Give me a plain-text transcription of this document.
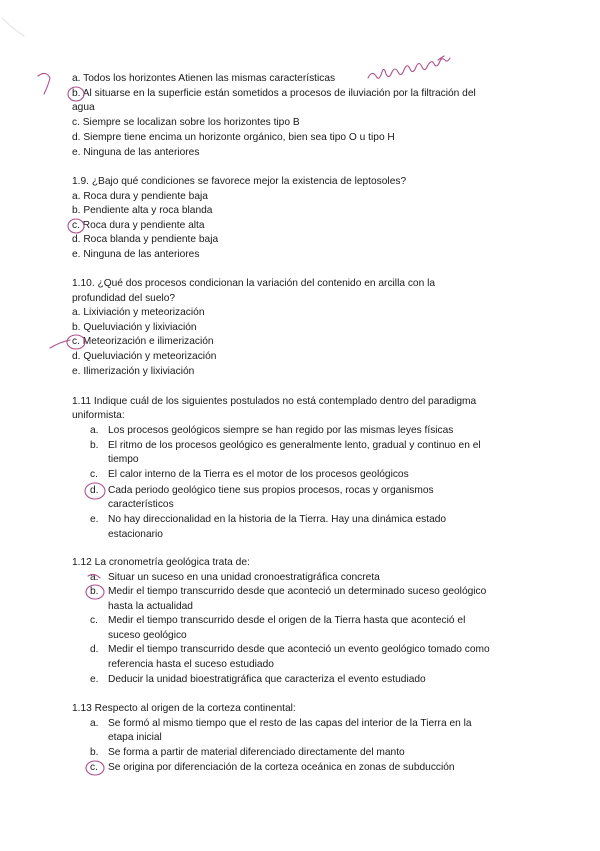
a. Todos los horizontes Atienen las mismas características
b. Al situarse en la superficie están sometidos a procesos de iluviación por la filtración del
agua
c. Siempre se localizan sobre los horizontes tipo B
d. Siempre tiene encima un horizonte orgánico, bien sea tipo O u tipo H
e. Ninguna de las anteriores
1.9. ¿Bajo qué condiciones se favorece mejor la existencia de leptosoles?
a. Roca dura y pendiente baja
b. Pendiente alta y roca blanda
c. Roca dura y pendiente alta
d. Roca blanda y pendiente baja
e. Ninguna de las anteriores
1.10. ¿Qué dos procesos condicionan la variación del contenido en arcilla con la
profundidad del suelo?
a. Lixiviación y meteorización
b. Queluviación y lixiviación
c. Meteorización e ilimerización
d. Queluviación y meteorización
e. Ilimerización y lixiviación
1.11 Indique cuál de los siguientes postulados no está contemplado dentro del paradigma
uniformista:
a. Los procesos geológicos siempre se han regido por las mismas leyes físicas
b. El ritmo de los procesos geológico es generalmente lento, gradual y continuo en el
tiempo
c. El calor interno de la Tierra es el motor de los procesos geológicos
d. Cada periodo geológico tiene sus propios procesos, rocas y organismos
característicos
e. No hay direccionalidad en la historia de la Tierra. Hay una dinámica estado
estacionario
1.12 La cronometría geológica trata de:
a. Situar un suceso en una unidad cronoestratigráfica concreta
b. Medir el tiempo transcurrido desde que aconteció un determinado suceso geológico
hasta la actualidad
c. Medir el tiempo transcurrido desde el origen de la Tierra hasta que aconteció el
suceso geológico
d. Medir el tiempo transcurrido desde que aconteció un evento geológico tomado como
referencia hasta el suceso estudiado
e. Deducir la unidad bioestratigráfica que caracteriza el evento estudiado
1.13 Respecto al origen de la corteza continental:
a. Se formó al mismo tiempo que el resto de las capas del interior de la Tierra en la
etapa inicial
b. Se forma a partir de material diferenciado directamente del manto
c. Se origina por diferenciación de la corteza oceánica en zonas de subducción
